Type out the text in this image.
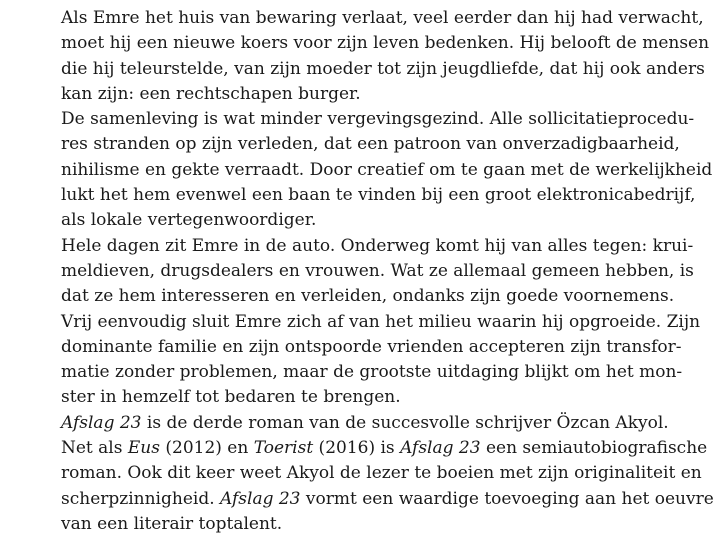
Als Emre het huis van bewaring verlaat, veel eerder dan hij had verwacht,
moet hij een nieuwe koers voor zijn leven bedenken. Hij belooft de mensen
die hij teleurstelde, van zijn moeder tot zijn jeugdliefde, dat hij ook anders
kan zijn: een rechtschapen burger.
De samenleving is wat minder vergevingsgezind. Alle sollicitatieprocedu-
res stranden op zijn verleden, dat een patroon van onverzadigbaarheid,
nihilisme en gekte verraadt. Door creatief om te gaan met de werkelijkheid
lukt het hem evenwel een baan te vinden bij een groot elektronicabedrijf,
als lokale vertegenwoordiger.
Hele dagen zit Emre in de auto. Onderweg komt hij van alles tegen: krui-
meldieven, drugsdealers en vrouwen. Wat ze allemaal gemeen hebben, is
dat ze hem interesseren en verleiden, ondanks zijn goede voornemens.
Vrij eenvoudig sluit Emre zich af van het milieu waarin hij opgroeide. Zijn
dominante familie en zijn ontspoorde vrienden accepteren zijn transfor-
matie zonder problemen, maar de grootste uitdaging blijkt om het mon-
ster in hemzelf tot bedaren te brengen.
Afslag 23 is de derde roman van de succesvolle schrijver Özcan Akyol.
Net als Eus (2012) en Toerist (2016) is Afslag 23 een semiautobiografische
roman. Ook dit keer weet Akyol de lezer te boeien met zijn originaliteit en
scherpzinnigheid. Afslag 23 vormt een waardige toevoeging aan het oeuvre
van een literair toptalent.
